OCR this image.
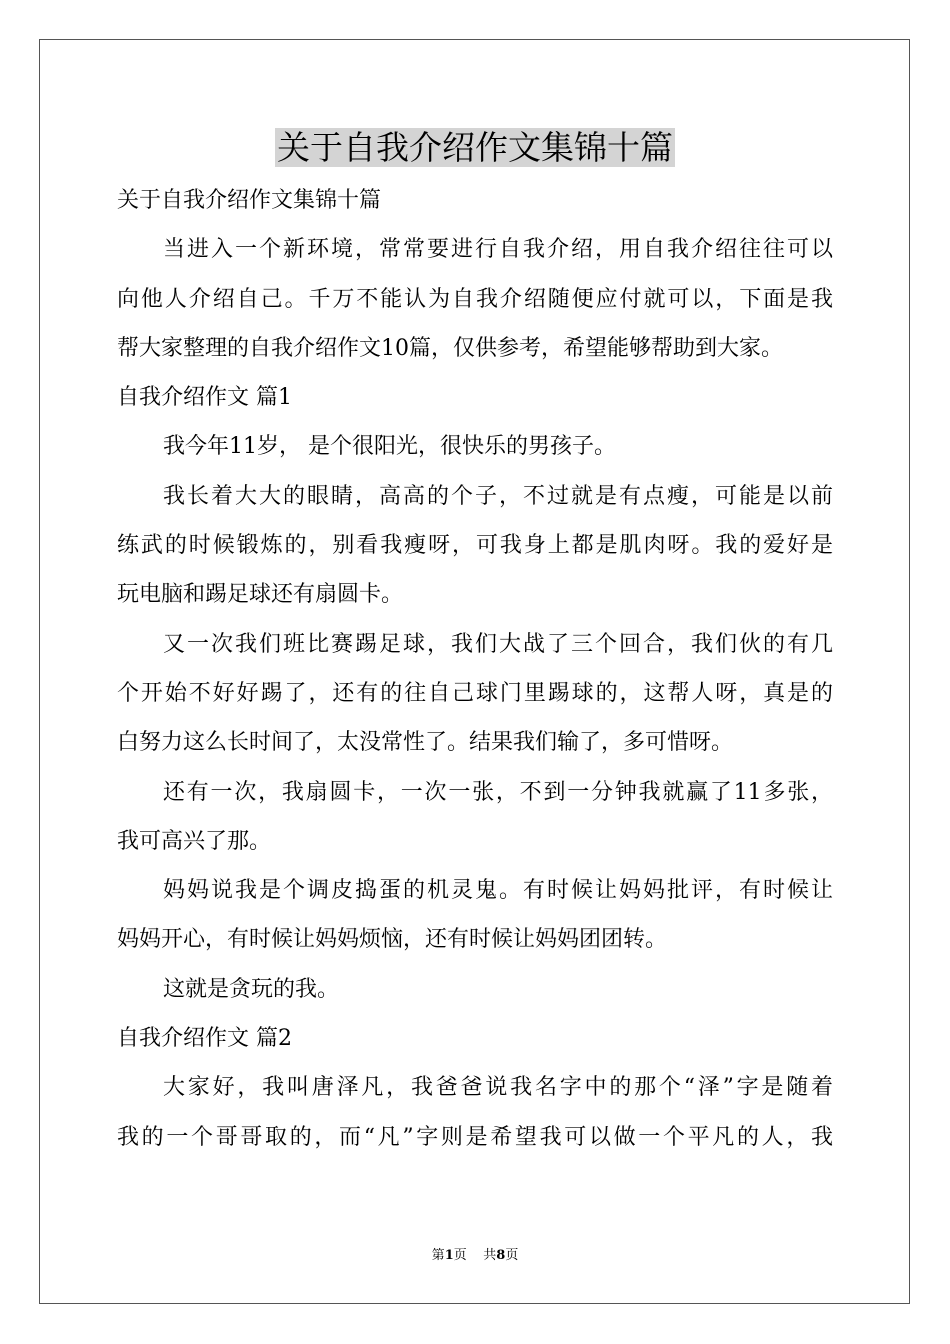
关于自我介绍作文集锦十篇
关于自我介绍作文集锦十篇
当进入一个新环境，常常要进行自我介绍，用自我介绍往往可以
向他人介绍自己。千万不能认为自我介绍随便应付就可以，下面是我
帮大家整理的自我介绍作文10篇，仅供参考，希望能够帮助到大家。
自我介绍作文 篇1
我今年11岁， 是个很阳光，很快乐的男孩子。
我长着大大的眼睛，高高的个子，不过就是有点瘦，可能是以前
练武的时候锻炼的，别看我瘦呀，可我身上都是肌肉呀。我的爱好是
玩电脑和踢足球还有扇圆卡。
又一次我们班比赛踢足球，我们大战了三个回合，我们伙的有几
个开始不好好踢了，还有的往自己球门里踢球的，这帮人呀，真是的
白努力这么长时间了，太没常性了。结果我们输了，多可惜呀。
还有一次，我扇圆卡，一次一张，不到一分钟我就赢了11多张，
我可高兴了那。
妈妈说我是个调皮捣蛋的机灵鬼。有时候让妈妈批评，有时候让
妈妈开心，有时候让妈妈烦恼，还有时候让妈妈团团转。
这就是贪玩的我。
自我介绍作文 篇2
大家好，我叫唐泽凡，我爸爸说我名字中的那个“泽”字是随着
我的一个哥哥取的，而“凡”字则是希望我可以做一个平凡的人，我
第1页    共8页
